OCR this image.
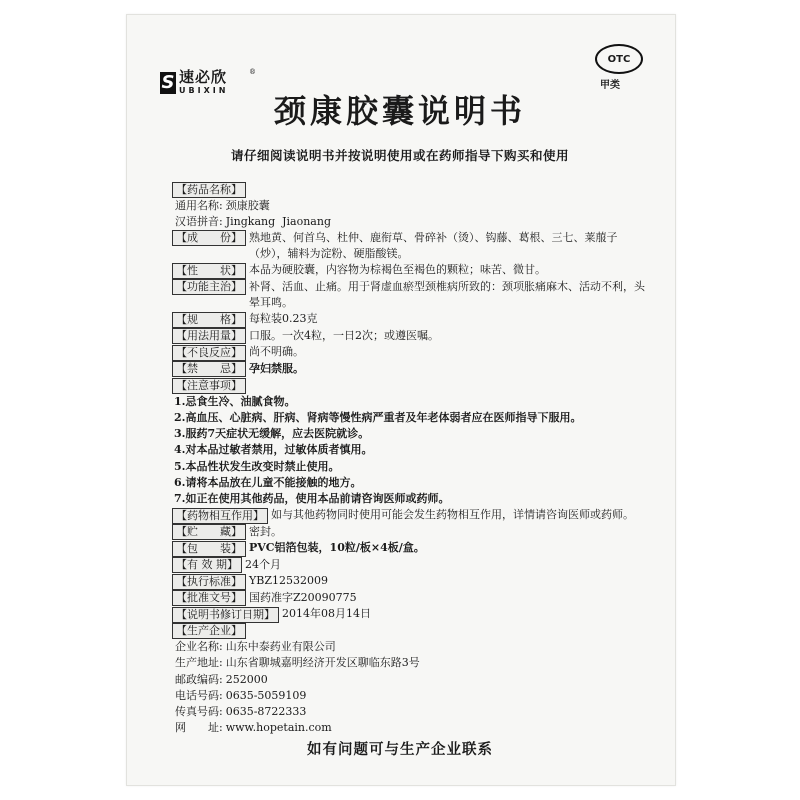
S 速必欣
UBIXIN
®
OTC
甲类
颈康胶囊说明书
请仔细阅读说明书并按说明使用或在药师指导下购买和使用
【药品名称】
通用名称: 颈康胶囊
汉语拼音: Jingkang  Jiaonang
【成　　份】 熟地黄、何首乌、杜仲、鹿衔草、骨碎补（烫）、钩藤、葛根、三七、莱菔子（炒），辅料为淀粉、硬脂酸镁。
【性　　状】 本品为硬胶囊，内容物为棕褐色至褐色的颗粒；味苦、微甘。
【功能主治】 补肾、活血、止痛。用于肾虚血瘀型颈椎病所致的：颈项胀痛麻木、活动不利，头晕耳鸣。
【规　　格】 每粒装0.23克
【用法用量】 口服。一次4粒，一日2次；或遵医嘱。
【不良反应】 尚不明确。
【禁　　忌】 孕妇禁服。
【注意事项】
1.忌食生冷、油腻食物。
2.高血压、心脏病、肝病、肾病等慢性病严重者及年老体弱者应在医师指导下服用。
3.服药7天症状无缓解，应去医院就诊。
4.对本品过敏者禁用，过敏体质者慎用。
5.本品性状发生改变时禁止使用。
6.请将本品放在儿童不能接触的地方。
7.如正在使用其他药品，使用本品前请咨询医师或药师。
【药物相互作用】 如与其他药物同时使用可能会发生药物相互作用，详情请咨询医师或药师。
【贮　　藏】 密封。
【包　　装】 PVC铝箔包装，10粒/板×4板/盒。
【有 效 期】 24个月
【执行标准】 YBZ12532009
【批准文号】 国药准字Z20090775
【说明书修订日期】 2014年08月14日
【生产企业】
企业名称: 山东中泰药业有限公司
生产地址: 山东省聊城嘉明经济开发区聊临东路3号
邮政编码: 252000
电话号码: 0635-5059109
传真号码: 0635-8722333
网　　址: www.hopetain.com
如有问题可与生产企业联系
